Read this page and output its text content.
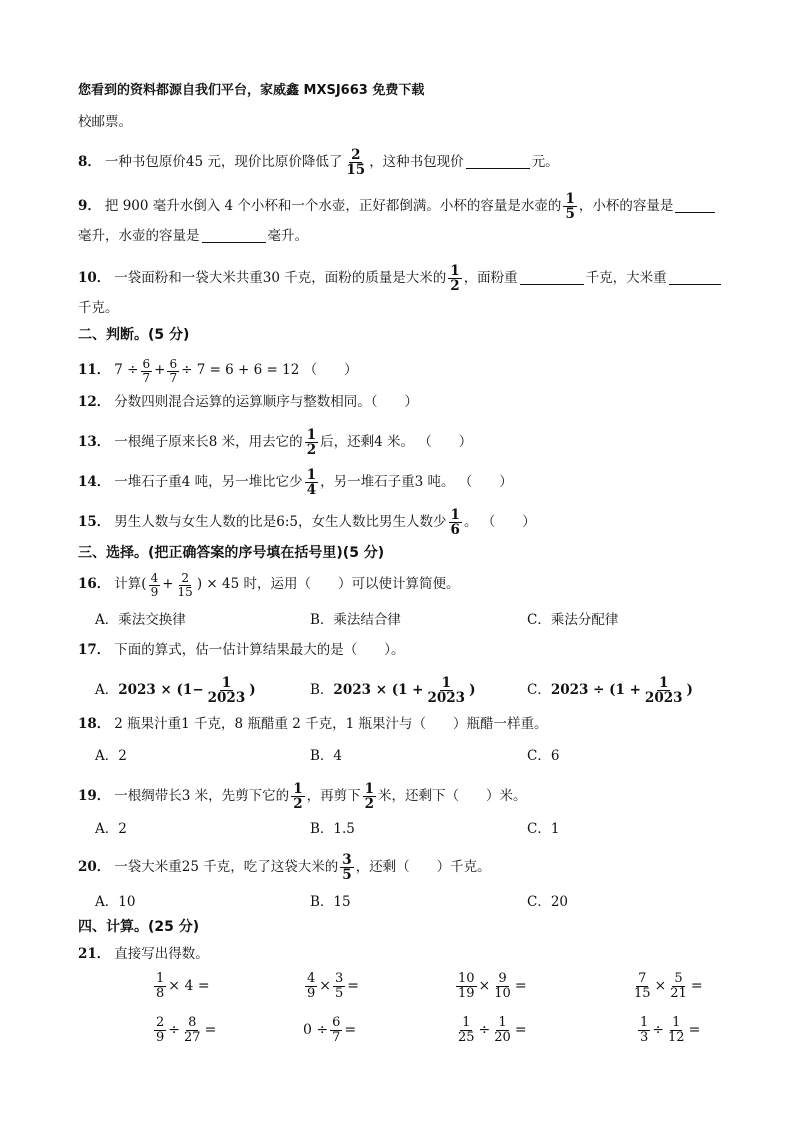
您看到的资料都源自我们平台，家威鑫 MXSJ663 免费下载
校邮票。
8． 一种书包原价45 元，现价比原价降低了 $\frac{2}{15}$ ，这种书包现价	元。
9． 把 900 毫升水倒入 4 个小杯和一个水壶，正好都倒满。小杯的容量是水壶的 $\frac{1}{5}$ ，小杯的容量是
毫升，水壶的容量是	毫升。
10． 一袋面粉和一袋大米共重30 千克，面粉的质量是大米的 $\frac{1}{2}$ ，面粉重	千克，大米重
千克。
二、判断。(5 分)
11． $7 \div \frac{6}{7} + \frac{6}{7} \div 7 = 6 + 6 = 12$ （　　）
12． 分数四则混合运算的运算顺序与整数相同。（　　）
13． 一根绳子原来长8 米，用去它的 $\frac{1}{2}$ 后，还剩4 米。 （　　）
14． 一堆石子重4 吨，另一堆比它少 $\frac{1}{4}$ ，另一堆石子重3 吨。 （　　）
15． 男生人数与女生人数的比是6:5，女生人数比男生人数少 $\frac{1}{6}$ 。 （　　）
三、选择。(把正确答案的序号填在括号里)(5 分)
16． 计算( $\frac{4}{9} + \frac{2}{15}$ ) × 45 时，运用（　　）可以使计算简便。
A．乘法交换律	B．乘法结合律	C．乘法分配律
17． 下面的算式，估一估计算结果最大的是（　　）。
A． $2023 \times (1- \frac{1}{2023}$ )	B． $2023 \times (1 + \frac{1}{2023}$ )	C． $2023 \div (1 + \frac{1}{2023}$ )
18． 2 瓶果汁重1 千克，8 瓶醋重 2 千克，1 瓶果汁与（　　）瓶醋一样重。
A．2	B．4	C．6
19． 一根绸带长3 米，先剪下它的 $\frac{1}{2}$ ，再剪下 $\frac{1}{2}$ 米，还剩下（　　）米。
A．2	B．1.5	C．1
20． 一袋大米重25 千克，吃了这袋大米的 $\frac{3}{5}$ ，还剩（　　）千克。
A．10	B．15	C．20
四、计算。(25 分)
21． 直接写出得数。
$\frac{1}{8} \times 4$ =	$\frac{4}{9} \times \frac{3}{5}$ =	$\frac{10}{19} \times \frac{9}{10}$ =	$\frac{7}{15} \times \frac{5}{21}$ =
$\frac{2}{9} \div \frac{8}{27}$ =	$0 \div \frac{6}{7}$ =	$\frac{1}{25} \div \frac{1}{20}$ =	$\frac{1}{3} \div \frac{1}{12}$ =
